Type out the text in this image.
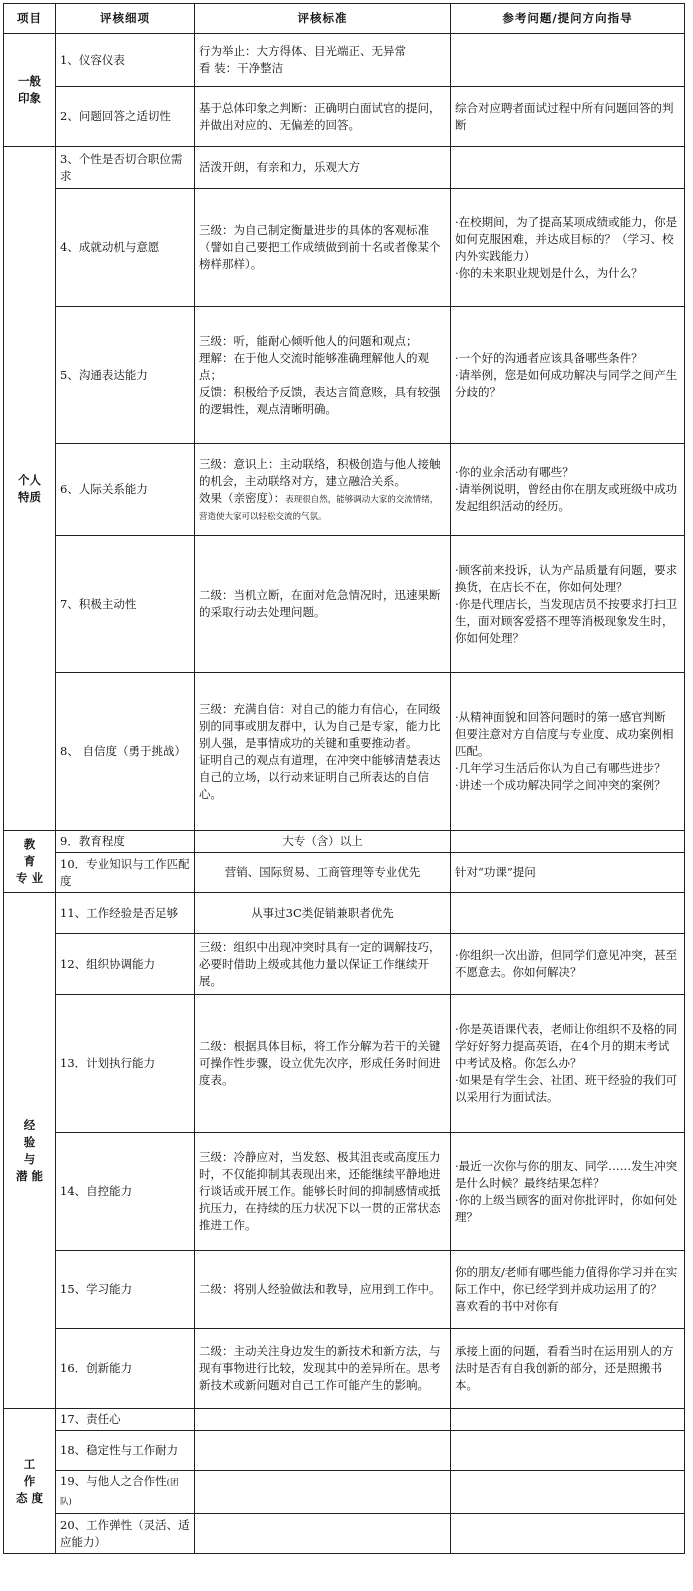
项目	评核细项	评核标准	参考问题/提问方向指导
一般
印象	1、仪容仪表	行为举止：大方得体、目光端正、无异常
看 装：干净整洁	
	2、问题回答之适切性	基于总体印象之判断：正确明白面试官的提问，并做出对应的、无偏差的回答。	综合对应聘者面试过程中所有问题回答的判断
个人
特质	3、个性是否切合职位需求	活泼开朗，有亲和力，乐观大方	
	4、成就动机与意愿	三级：为自己制定衡量进步的具体的客观标准（譬如自己要把工作成绩做到前十名或者像某个榜样那样）。	·在校期间，为了提高某项成绩或能力，你是如何克服困难，并达成目标的？（学习、校内外实践能力）
·你的未来职业规划是什么，为什么？
	5、沟通表达能力	三级：听，能耐心倾听他人的问题和观点；
理解：在于他人交流时能够准确理解他人的观点；
反馈：积极给予反馈，表达言简意赅，具有较强的逻辑性，观点清晰明确。	·一个好的沟通者应该具备哪些条件？
·请举例，您是如何成功解决与同学之间产生分歧的？
	6、人际关系能力	三级：意识上：主动联络，积极创造与他人接触的机会，主动联络对方，建立融洽关系。
效果（亲密度）：表现很自然，能够调动大家的交流情绪，营造使大家可以轻松交流的气氛。	·你的业余活动有哪些？
·请举例说明，曾经由你在朋友或班级中成功发起组织活动的经历。
	7、积极主动性	二级：当机立断，在面对危急情况时，迅速果断的采取行动去处理问题。	·顾客前来投诉，认为产品质量有问题，要求换货，在店长不在，你如何处理？
·你是代理店长，当发现店员不按要求打扫卫生，面对顾客爱搭不理等消极现象发生时，你如何处理？
	8、 自信度（勇于挑战）	三级：充满自信：对自己的能力有信心，在同级别的同事或朋友群中，认为自己是专家，能力比别人强，是事情成功的关键和重要推动者。
证明自己的观点有道理，在冲突中能够清楚表达自己的立场，以行动来证明自己所表达的自信心。	·从精神面貌和回答问题时的第一感官判断
但要注意对方自信度与专业度、成功案例相匹配。
·几年学习生活后你认为自己有哪些进步？
·讲述一个成功解决同学之间冲突的案例？
教
育
专 业	9．教育程度	大专（含）以上	
	10．专业知识与工作匹配度	营销、国际贸易、工商管理等专业优先	针对“功课”提问
经
验
与
潜 能	11、工作经验是否足够	从事过3C类促销兼职者优先	
	12、组织协调能力	三级：组织中出现冲突时具有一定的调解技巧，必要时借助上级或其他力量以保证工作继续开展。	·你组织一次出游，但同学们意见冲突，甚至不愿意去。你如何解决？
	13．计划执行能力	二级：根据具体目标，将工作分解为若干的关键可操作性步骤，设立优先次序，形成任务时间进度表。	·你是英语课代表，老师让你组织不及格的同学好好努力提高英语，在4个月的期末考试中考试及格。你怎么办？
·如果是有学生会、社团、班干经验的我们可以采用行为面试法。
	14、自控能力	三级：冷静应对，当发怒、极其沮丧或高度压力时，不仅能抑制其表现出来，还能继续平静地进行谈话或开展工作。能够长时间的抑制感情或抵抗压力，在持续的压力状况下以一贯的正常状态推进工作。	·最近一次你与你的朋友、同学……发生冲突是什么时候？最终结果怎样？
·你的上级当顾客的面对你批评时，你如何处理？
	15、学习能力	二级：将别人经验做法和教导，应用到工作中。	你的朋友/老师有哪些能力值得你学习并在实际工作中，你已经学到并成功运用了的？
喜欢看的书中对你有
	16．创新能力	二级：主动关注身边发生的新技术和新方法，与现有事物进行比较，发现其中的差异所在。思考新技术或新问题对自己工作可能产生的影响。	承接上面的问题，看看当时在运用别人的方法时是否有自我创新的部分，还是照搬书本。
工
作
态 度	17、责任心		
	18、稳定性与工作耐力		
	19、与他人之合作性(团队)		
	20、工作弹性（灵活、适应能力）		
